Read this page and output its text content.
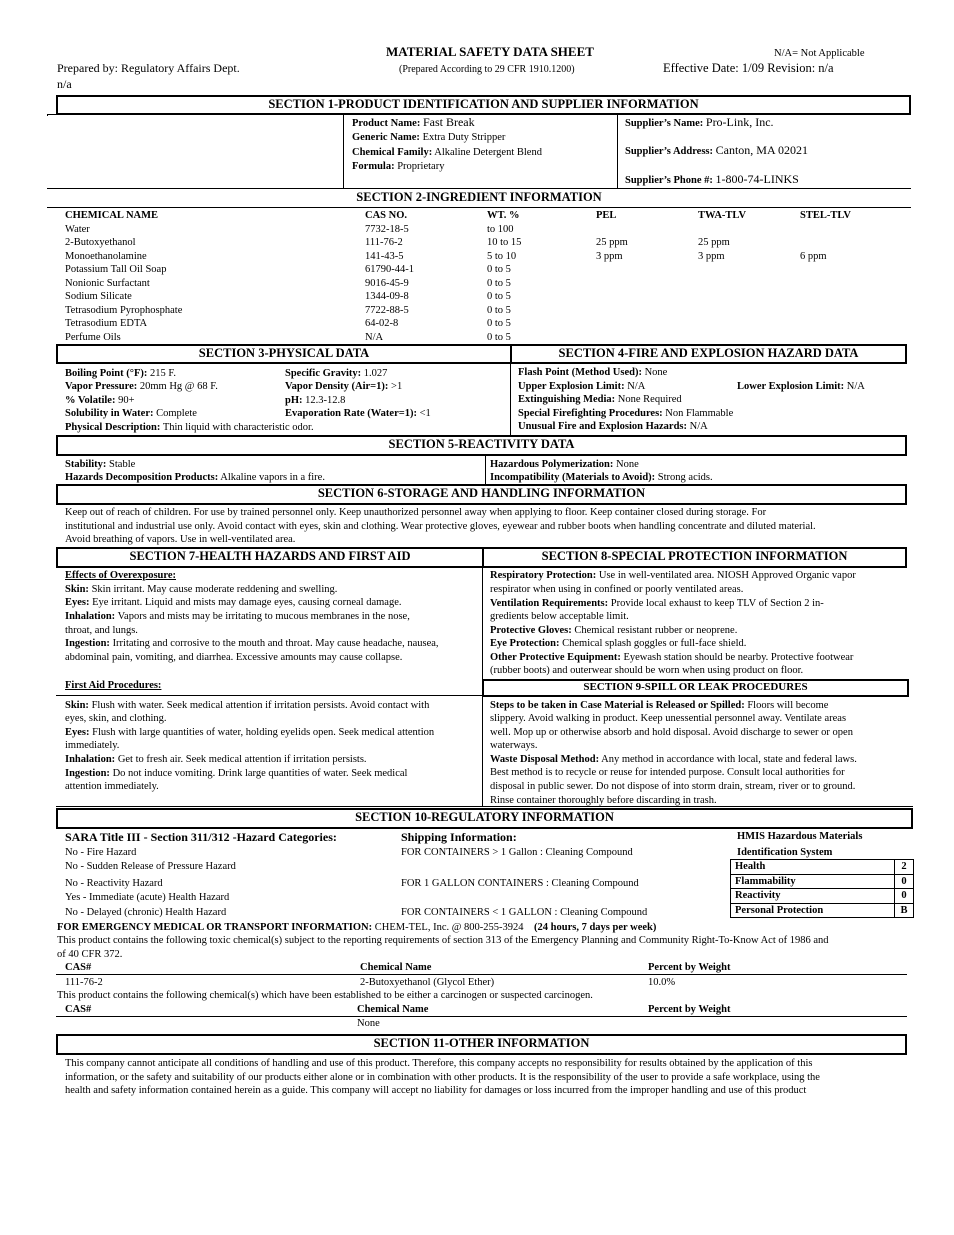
MATERIAL SAFETY DATA SHEET
(Prepared According to 29 CFR 1910.1200)
N/A= Not Applicable
Prepared by: Regulatory Affairs Dept.
n/a
Effective Date: 1/09 Revision: n/a
SECTION 1-PRODUCT IDENTIFICATION AND SUPPLIER INFORMATION
Product Name: Fast Break
Generic Name: Extra Duty Stripper
Chemical Family: Alkaline Detergent Blend
Formula: Proprietary
Supplier’s Name: Pro-Link, Inc.
Supplier’s Address: Canton, MA 02021
Supplier’s Phone #: 1-800-74-LINKS
SECTION 2-INGREDIENT INFORMATION
CHEMICAL NAME	CAS NO.	WT. %	PEL	TWA-TLV	STEL-TLV
Water	7732-18-5	to 100
2-Butoxyethanol	111-76-2	10 to 15	25 ppm	25 ppm
Monoethanolamine	141-43-5	5 to 10	3 ppm	3 ppm	6 ppm
Potassium Tall Oil Soap	61790-44-1	0 to 5
Nonionic Surfactant	9016-45-9	0 to 5
Sodium Silicate	1344-09-8	0 to 5
Tetrasodium Pyrophosphate	7722-88-5	0 to 5
Tetrasodium EDTA	64-02-8	0 to 5
Perfume Oils	N/A	0 to 5
SECTION 3-PHYSICAL DATA	SECTION 4-FIRE AND EXPLOSION HAZARD DATA
Boiling Point (°F): 215 F.
Vapor Pressure: 20mm Hg @ 68 F.
% Volatile: 90+
Solubility in Water: Complete
Physical Description: Thin liquid with characteristic odor.
Specific Gravity: 1.027
Vapor Density (Air=1): >1
pH: 12.3-12.8
Evaporation Rate (Water=1): <1
Flash Point (Method Used): None
Upper Explosion Limit: N/A	Lower Explosion Limit: N/A
Extinguishing Media: None Required
Special Firefighting Procedures: Non Flammable
Unusual Fire and Explosion Hazards: N/A
SECTION 5-REACTIVITY DATA
Stability: Stable
Hazards Decomposition Products: Alkaline vapors in a fire.
Hazardous Polymerization: None
Incompatibility (Materials to Avoid): Strong acids.
SECTION 6-STORAGE AND HANDLING INFORMATION
Keep out of reach of children. For use by trained personnel only. Keep unauthorized personnel away when applying to floor. Keep container closed during storage. For
institutional and industrial use only. Avoid contact with eyes, skin and clothing. Wear protective gloves, eyewear and rubber boots when handling concentrate and diluted material.
Avoid breathing of vapors. Use in well-ventilated area.
SECTION 7-HEALTH HAZARDS AND FIRST AID	SECTION 8-SPECIAL PROTECTION INFORMATION
Effects of Overexposure:
Skin: Skin irritant. May cause moderate reddening and swelling.
Eyes: Eye irritant. Liquid and mists may damage eyes, causing corneal damage.
Inhalation: Vapors and mists may be irritating to mucous membranes in the nose,
throat, and lungs.
Ingestion: Irritating and corrosive to the mouth and throat. May cause headache, nausea,
abdominal pain, vomiting, and diarrhea. Excessive amounts may cause collapse.
First Aid Procedures:
Skin: Flush with water. Seek medical attention if irritation persists. Avoid contact with
eyes, skin, and clothing.
Eyes: Flush with large quantities of water, holding eyelids open. Seek medical attention
immediately.
Inhalation: Get to fresh air. Seek medical attention if irritation persists.
Ingestion: Do not induce vomiting. Drink large quantities of water. Seek medical
attention immediately.
Respiratory Protection: Use in well-ventilated area. NIOSH Approved Organic vapor
respirator when using in confined or poorly ventilated areas.
Ventilation Requirements: Provide local exhaust to keep TLV of Section 2 in-
gredients below acceptable limit.
Protective Gloves: Chemical resistant rubber or neoprene.
Eye Protection: Chemical splash goggles or full-face shield.
Other Protective Equipment: Eyewash station should be nearby. Protective footwear
(rubber boots) and outerwear should be worn when using product on floor.
SECTION 9-SPILL OR LEAK PROCEDURES
Steps to be taken in Case Material is Released or Spilled: Floors will become
slippery. Avoid walking in product. Keep unessential personnel away. Ventilate areas
well. Mop up or otherwise absorb and hold disposal. Avoid discharge to sewer or open
waterways.
Waste Disposal Method: Any method in accordance with local, state and federal laws.
Best method is to recycle or reuse for intended purpose. Consult local authorities for
disposal in public sewer. Do not dispose of into storm drain, stream, river or to ground.
Rinse container thoroughly before discarding in trash.
SECTION 10-REGULATORY INFORMATION
SARA Title III - Section 311/312 -Hazard Categories:
No - Fire Hazard
No - Sudden Release of Pressure Hazard
No - Reactivity Hazard
Yes - Immediate (acute) Health Hazard
No - Delayed (chronic) Health Hazard
Shipping Information:
FOR CONTAINERS > 1 Gallon : Cleaning Compound
FOR 1 GALLON CONTAINERS : Cleaning Compound
FOR CONTAINERS < 1 GALLON : Cleaning Compound
HMIS Hazardous Materials
Identification System
Health	2
Flammability	0
Reactivity	0
Personal Protection	B
FOR EMERGENCY MEDICAL OR TRANSPORT INFORMATION: CHEM-TEL, Inc. @ 800-255-3924 (24 hours, 7 days per week)
This product contains the following toxic chemical(s) subject to the reporting requirements of section 313 of the Emergency Planning and Community Right-To-Know Act of 1986 and
of 40 CFR 372.
CAS#	Chemical Name	Percent by Weight
111-76-2	2-Butoxyethanol (Glycol Ether)	10.0%
This product contains the following chemical(s) which have been established to be either a carcinogen or suspected carcinogen.
CAS#	Chemical Name	Percent by Weight
None
SECTION 11-OTHER INFORMATION
This company cannot anticipate all conditions of handling and use of this product. Therefore, this company accepts no responsibility for results obtained by the application of this
information, or the safety and suitability of our products either alone or in combination with other products. It is the responsibility of the user to provide a safe workplace, using the
health and safety information contained herein as a guide. This company will accept no liability for damages or loss incurred from the improper handling and use of this product
